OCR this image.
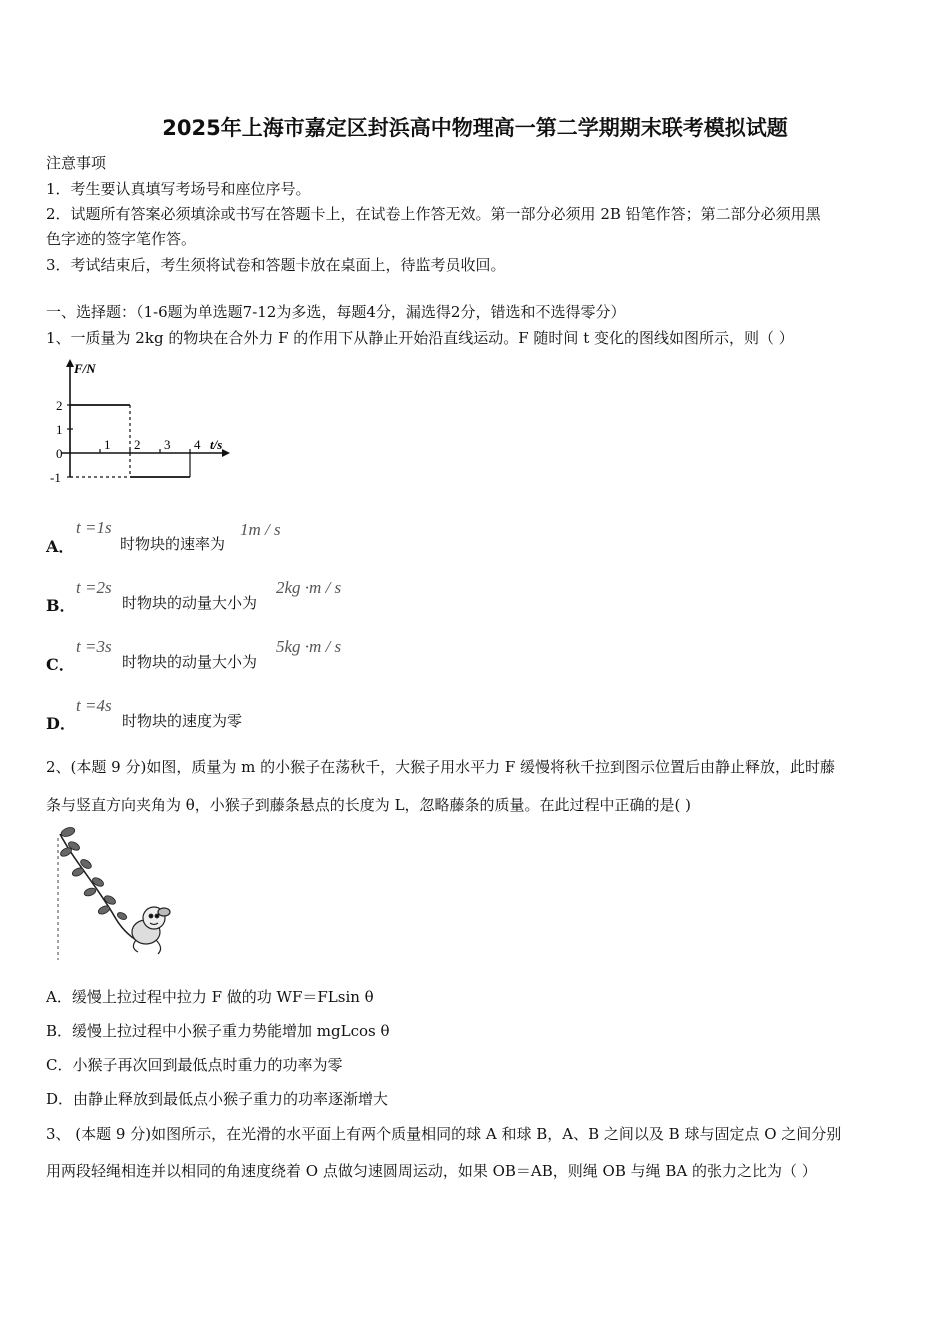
2025年上海市嘉定区封浜高中物理高一第二学期期末联考模拟试题
注意事项
1．考生要认真填写考场号和座位序号。
2．试题所有答案必须填涂或书写在答题卡上，在试卷上作答无效。第一部分必须用 2B 铅笔作答；第二部分必须用黑
色字迹的签字笔作答。
3．考试结束后，考生须将试卷和答题卡放在桌面上，待监考员收回。
一、选择题：（1-6题为单选题7-12为多选，每题4分，漏选得2分，错选和不选得零分）
1、一质量为 2kg 的物块在合外力 F 的作用下从静止开始沿直线运动。F 随时间 t 变化的图线如图所示，则（ ）
F/N
t/s
2
1
0
-1
1 2 3 4
A．
t =1s
时物块的速率为
1m / s
B．
t =2s
时物块的动量大小为
2kg ·m / s
C．
t =3s
时物块的动量大小为
5kg ·m / s
D．
t =4s
时物块的速度为零
2、(本题 9 分)如图，质量为 m 的小猴子在荡秋千，大猴子用水平力 F 缓慢将秋千拉到图示位置后由静止释放，此时藤
条与竖直方向夹角为 θ，小猴子到藤条悬点的长度为 L，忽略藤条的质量。在此过程中正确的是( )
A．缓慢上拉过程中拉力 F 做的功 WF＝FLsin θ
B．缓慢上拉过程中小猴子重力势能增加 mgLcos θ
C．小猴子再次回到最低点时重力的功率为零
D．由静止释放到最低点小猴子重力的功率逐渐增大
3、 (本题 9 分)如图所示，在光滑的水平面上有两个质量相同的球 A 和球 B，A、B 之间以及 B 球与固定点 O 之间分别
用两段轻绳相连并以相同的角速度绕着 O 点做匀速圆周运动，如果 OB＝AB，则绳 OB 与绳 BA 的张力之比为（ ）
